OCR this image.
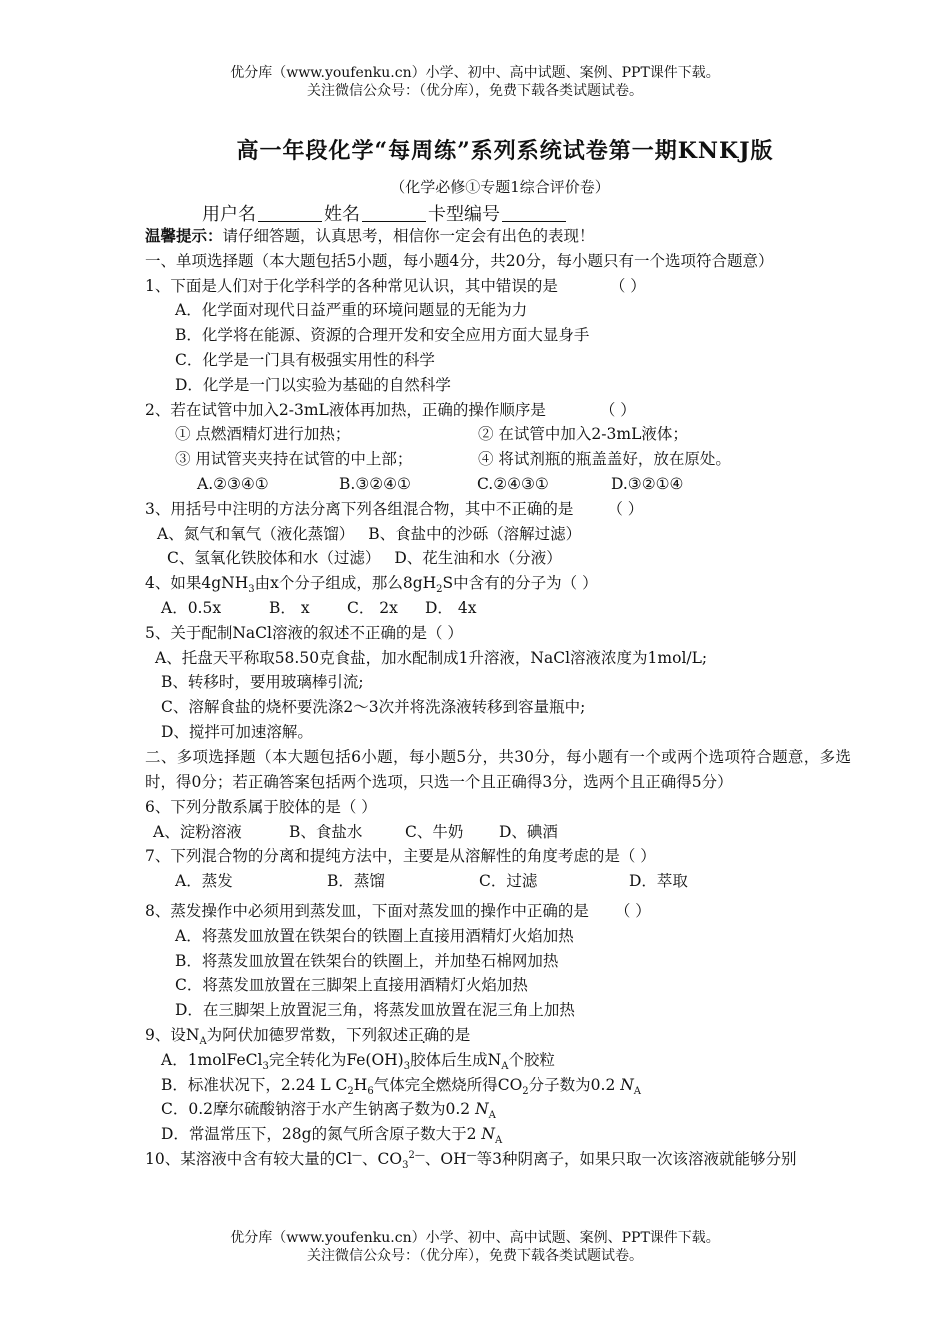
优分库（www.youfenku.cn）小学、初中、高中试题、案例、PPT课件下载。
关注微信公众号：（优分库），免费下载各类试题试卷。
高一年段化学“每周练”系列系统试卷第一期KNKJ版
（化学必修①专题1综合评价卷）
用户名	姓名	卡型编号
温馨提示：请仔细答题，认真思考，相信你一定会有出色的表现！
一、单项选择题（本大题包括5小题，每小题4分，共20分，每小题只有一个选项符合题意）
1、下面是人们对于化学科学的各种常见认识，其中错误的是	（ ）
A．化学面对现代日益严重的环境问题显的无能为力
B．化学将在能源、资源的合理开发和安全应用方面大显身手
C．化学是一门具有极强实用性的科学
D．化学是一门以实验为基础的自然科学
2、若在试管中加入2-3mL液体再加热，正确的操作顺序是	（ ）
① 点燃酒精灯进行加热；	② 在试管中加入2-3mL液体；
③ 用试管夹夹持在试管的中上部；	④ 将试剂瓶的瓶盖盖好，放在原处。
A.②③④①	B.③②④①	C.②④③①	D.③②①④
3、用括号中注明的方法分离下列各组混合物，其中不正确的是 （ ）
A、氮气和氧气（液化蒸馏） B、食盐中的沙砾（溶解过滤）
C、氢氧化铁胶体和水（过滤） D、花生油和水（分液）
4、如果4gNH$_3$由x个分子组成，那么$8gH_2S$中含有的分子为（ ）
A．0.5x	B． x	C． 2x	D． 4x
5、关于配制NaCl溶液的叙述不正确的是（ ）
A、托盘天平称取58.50克食盐，加水配制成1升溶液，NaCl溶液浓度为1mol/L;
B、转移时，要用玻璃棒引流;
C、溶解食盐的烧杯要洗涤2～3次并将洗涤液转移到容量瓶中;
D、搅拌可加速溶解。
二、多项选择题（本大题包括6小题，每小题5分，共30分，每小题有一个或两个选项符合题意，多选时，得0分；若正确答案包括两个选项，只选一个且正确得3分，选两个且正确得5分）
6、下列分散系属于胶体的是（ ）
A、淀粉溶液	B、食盐水	C、牛奶	D、碘酒
7、下列混合物的分离和提纯方法中，主要是从溶解性的角度考虑的是（ ）
A．蒸发	B．蒸馏	C．过滤	D．萃取
8、蒸发操作中必须用到蒸发皿，下面对蒸发皿的操作中正确的是 （ ）
A．将蒸发皿放置在铁架台的铁圈上直接用酒精灯火焰加热
B．将蒸发皿放置在铁架台的铁圈上，并加垫石棉网加热
C．将蒸发皿放置在三脚架上直接用酒精灯火焰加热
D．在三脚架上放置泥三角，将蒸发皿放置在泥三角上加热
9、设$N_A$为阿伏加德罗常数，下列叙述正确的是
A．1molFeCl$_3$完全转化为$Fe(OH)_3$胶体后生成$N_A$个胶粒
B．标准状况下，2.24 L $C_2H_6$气体完全燃烧所得$CO_2$分子数为0.2 $N_A$
C．0.2摩尔硫酸钠溶于水产生钠离子数为0.2 $N_A$
D．常温常压下，28g的氮气所含原子数大于2 $N_A$
10、某溶液中含有较大量的Cl—、$CO_3^{2—}$、OH—等3种阴离子，如果只取一次该溶液就能够分别
优分库（www.youfenku.cn）小学、初中、高中试题、案例、PPT课件下载。
关注微信公众号：（优分库），免费下载各类试题试卷。
